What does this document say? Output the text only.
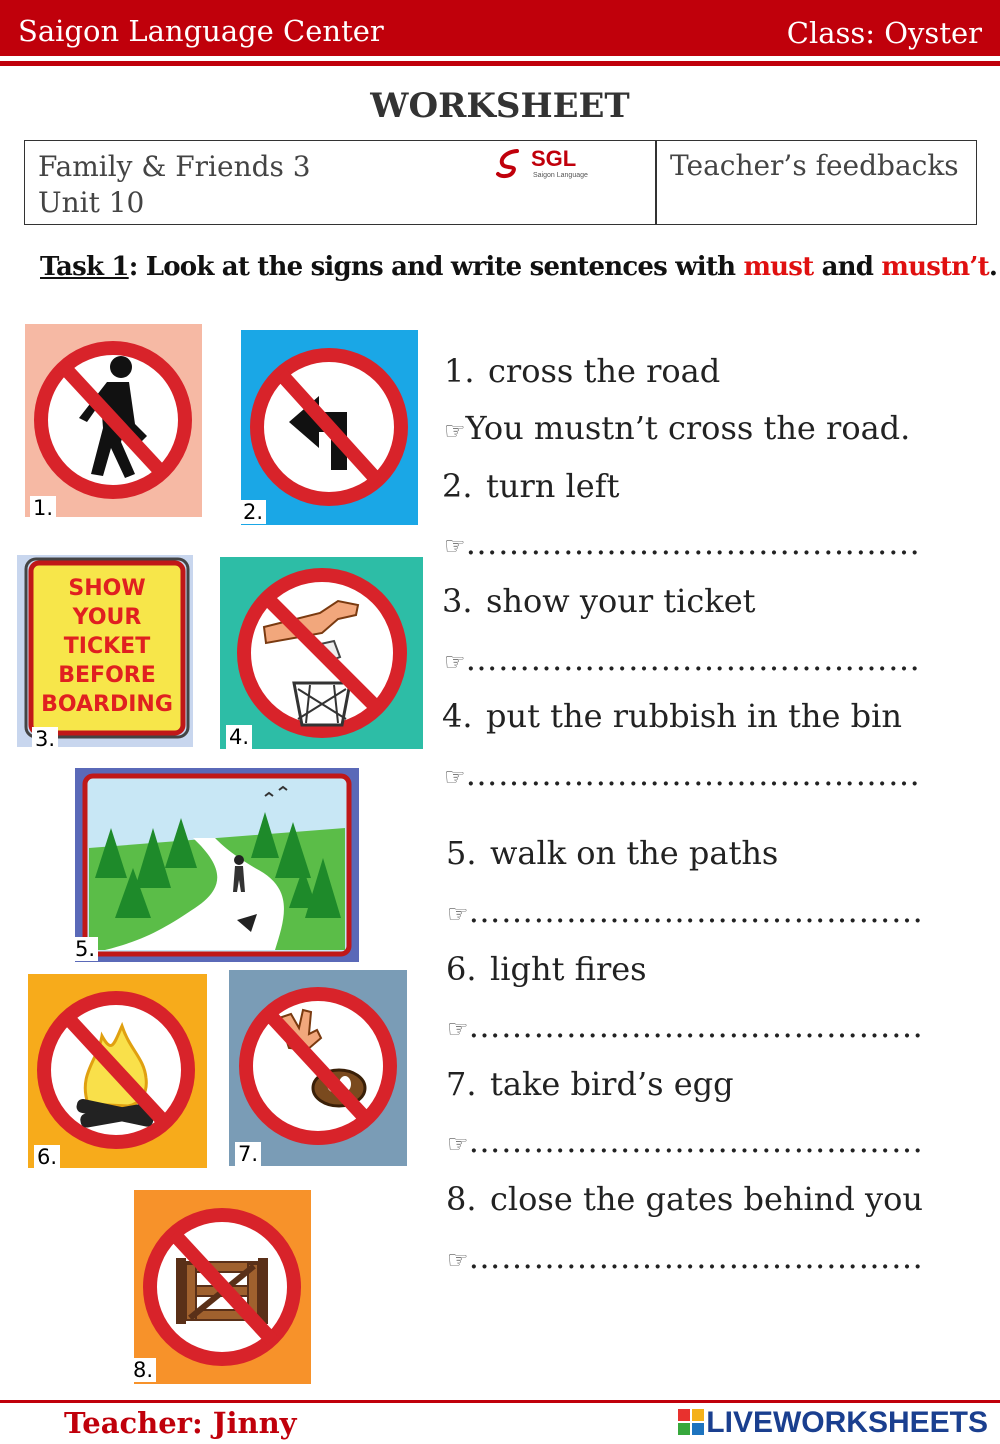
Saigon Language Center	Class: Oyster
WORKSHEET
Family & Friends 3
Unit 10
SGL
Saigon Language	Teacher’s feedbacks
Task 1: Look at the signs and write sentences with must and mustn’t.
1.	2.
SHOW
YOUR
TICKET
BEFORE
BOARDING
3.	4.
5.
6.	7.
8.
1. cross the road
☞You mustn’t cross the road.
2. turn left
☞……………………………………
3. show your ticket
☞……………………………………
4. put the rubbish in the bin
☞……………………………………
5. walk on the paths
☞……………………………………
6. light fires
☞……………………………………
7. take bird’s egg
☞……………………………………
8. close the gates behind you
☞……………………………………
Teacher: Jinny	LIVEWORKSHEETS
